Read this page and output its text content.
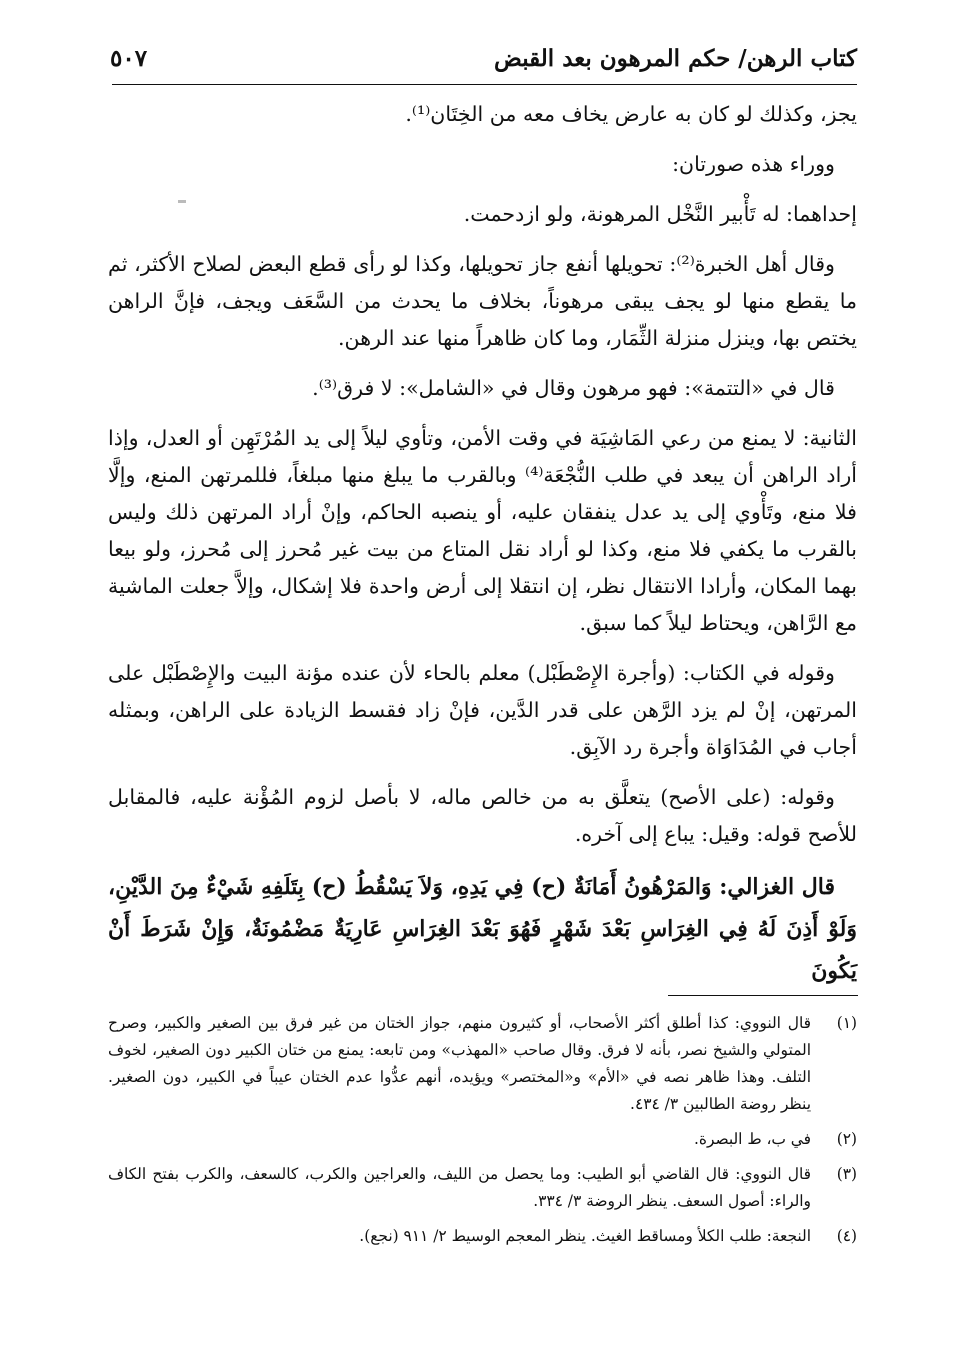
كتاب الرهن/ حكم المرهون بعد القبض
٥٠٧

يجز، وكذلك لو كان به عارض يخاف معه من الخِتَان⁽¹⁾.

ووراء هذه صورتان:

إحداهما: له تَأْبير النَّخْل المرهونة، ولو ازدحمت.

وقال أهل الخبرة⁽²⁾: تحويلها أنفع جاز تحويلها، وكذا لو رأى قطع البعض لصلاح الأكثر، ثم ما يقطع منها لو يجف يبقى مرهوناً، بخلاف ما يحدث من السَّعَف ويجف، فإنَّ الراهن يختص بها، وينزل منزلة الثِّمَار، وما كان ظاهراً منها عند الرهن.

قال في «التتمة»: فهو مرهون وقال في «الشامل»: لا فرق⁽³⁾.

الثانية: لا يمنع من رعي المَاشِيَة في وقت الأمن، وتأوي ليلاً إلى يد المُرْتَهِن أو العدل، وإذا أراد الراهن أن يبعد في طلب النُّجْعَة⁽⁴⁾ وبالقرب ما يبلغ منها مبلغاً، فللمرتهن المنع، وإلَّا فلا منع، وتَأْوي إلى يد عدل ينفقان عليه، أو ينصبه الحاكم، وإنْ أراد المرتهن ذلك وليس بالقرب ما يكفي فلا منع، وكذا لو أراد نقل المتاع من بيت غير مُحرز إلى مُحرز، ولو بيعا بهما المكان، وأرادا الانتقال نظر، إن انتقلا إلى أرض واحدة فلا إشكال، وإلاَّ جعلت الماشية مع الرَّاهن، ويحتاط ليلاً كما سبق.

وقوله في الكتاب: (وأجرة الإِصْطَبْل) معلم بالحاء لأن عنده مؤنة البيت والإِصْطَبْل على المرتهن، إنْ لم يزد الرَّهن على قدر الدَّين، فإنْ زاد فقسط الزيادة على الراهن، وبمثله أجاب في المُدَاوَاة وأجرة رد الآبِق.

وقوله: (على الأصح) يتعلَّق به من خالص ماله، لا بأصل لزوم المُؤْنة عليه، فالمقابل للأصح قوله: وقيل: يباع إلى آخره.

قال الغزالي: وَالمَرْهُونُ أَمَانَةٌ (ح) فِي يَدِهِ، وَلاَ يَسْقُطُ (ح) بِتَلَفِهِ شَيْءٌ مِنَ الدَّيْنِ، وَلَوْ أَذِنَ لَهُ فِي الغِرَاسِ بَعْدَ شَهْرٍ فَهُوَ بَعْدَ الغِرَاسِ عَارِيَةٌ مَضْمُونَةٌ، وَإِنْ شَرَطَ أَنْ يَكُونَ

(١)
قال النووي: كذا أطلق أكثر الأصحاب، أو كثيرون منهم، جواز الختان من غير فرق بين الصغير والكبير، وصرح المتولي والشيخ نصر، بأنه لا فرق. وقال صاحب «المهذب» ومن تابعه: يمنع من ختان الكبير دون الصغير، لخوف التلف. وهذا ظاهر نصه في «الأم» و«المختصر» ويؤيده، أنهم عدُّوا عدم الختان عيباً في الكبير، دون الصغير. ينظر روضة الطالبين ٣/ ٤٣٤.
(٢)
في ب، ط البصرة.
(٣)
قال النووي: قال القاضي أبو الطيب: وما يحصل من الليف، والعراجين والكرب، كالسعف، والكرب بفتح الكاف والراء: أصول السعف. ينظر الروضة ٣/ ٣٣٤.
(٤)
النجعة: طلب الكلأ ومساقط الغيث. ينظر المعجم الوسيط ٢/ ٩١١ (نجع).
